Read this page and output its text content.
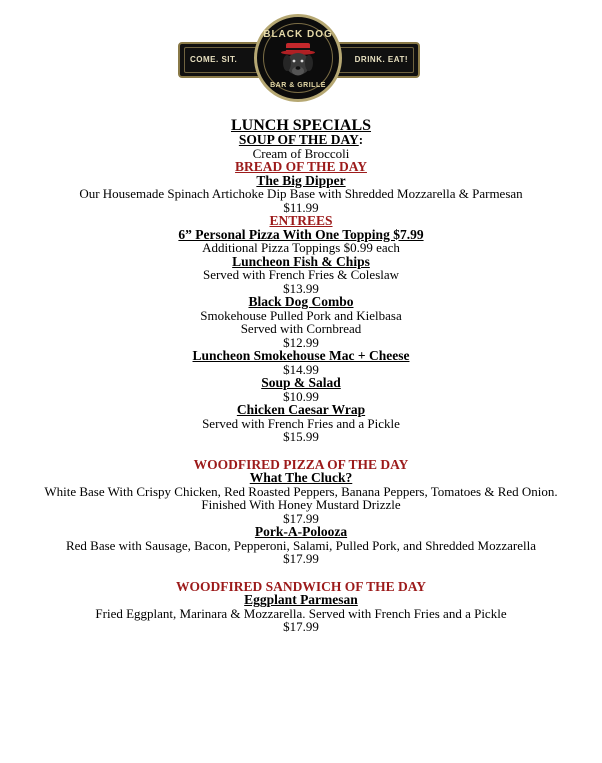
COME. SIT.	DRINK. EAT!
BLACK DOG
BAR & GRILLE
LUNCH SPECIALS
SOUP OF THE DAY:
Cream of Broccoli
BREAD OF THE DAY
The Big Dipper
Our Housemade Spinach Artichoke Dip Base with Shredded Mozzarella & Parmesan
$11.99
ENTREES
6” Personal Pizza With One Topping $7.99
Additional Pizza Toppings $0.99 each
Luncheon Fish & Chips
Served with French Fries & Coleslaw
$13.99
Black Dog Combo
Smokehouse Pulled Pork and Kielbasa
Served with Cornbread
$12.99
Luncheon Smokehouse Mac + Cheese
$14.99
Soup & Salad
$10.99
Chicken Caesar Wrap
Served with French Fries and a Pickle
$15.99
WOODFIRED PIZZA OF THE DAY
What The Cluck?
White Base With Crispy Chicken, Red Roasted Peppers, Banana Peppers, Tomatoes & Red Onion. Finished With Honey Mustard Drizzle
$17.99
Pork-A-Polooza
Red Base with Sausage, Bacon, Pepperoni, Salami, Pulled Pork, and Shredded Mozzarella
$17.99
WOODFIRED SANDWICH OF THE DAY
Eggplant Parmesan
Fried Eggplant, Marinara & Mozzarella. Served with French Fries and a Pickle
$17.99
